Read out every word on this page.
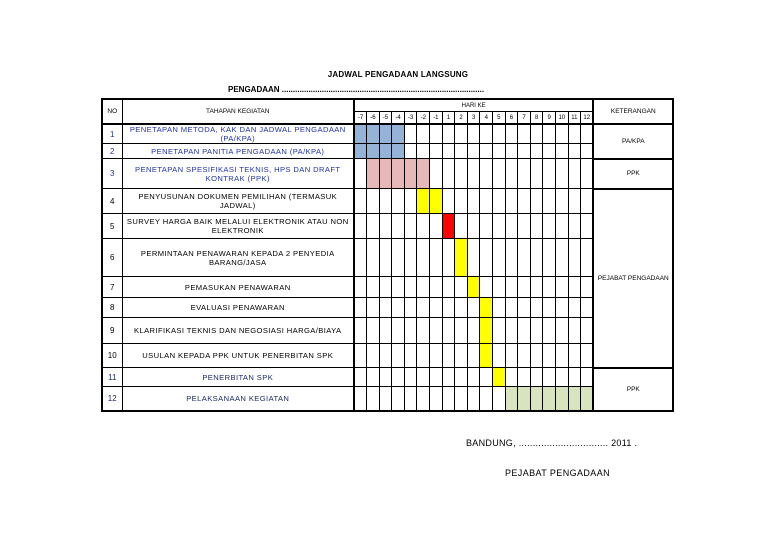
JADWAL PENGADAAN LANGSUNG
PENGADAAN ...........................................................................................
NO	TAHAPAN KEGIATAN	HARI KE																			KETERANGAN
		-7	-6	-5	-4	-3	-2	-1	1	2	3	4	5	6	7	8	9	10	11	12	
1	PENETAPAN METODA, KAK DAN JADWAL PENGADAAN (PA/KPA)																				PA/KPA
2	PENETAPAN PANITIA PENGADAAN (PA/KPA)																				
3	PENETAPAN SPESIFIKASI TEKNIS, HPS DAN DRAFT KONTRAK (PPK)																				PPK
4	PENYUSUNAN DOKUMEN PEMILIHAN (TERMASUK JADWAL)																				PEJABAT PENGADAAN
5	SURVEY HARGA BAIK MELALUI ELEKTRONIK ATAU NON ELEKTRONIK																				
6	PERMINTAAN PENAWARAN KEPADA 2 PENYEDIA BARANG/JASA																				
7	PEMASUKAN PENAWARAN																				
8	EVALUASI PENAWARAN																				
9	KLARIFIKASI TEKNIS DAN NEGOSIASI HARGA/BIAYA																				
10	USULAN KEPADA PPK UNTUK PENERBITAN SPK																				
11	PENERBITAN SPK																				PPK
12	PELAKSANAAN KEGIATAN																				
BANDUNG, ................................ 2011 .
PEJABAT PENGADAAN
